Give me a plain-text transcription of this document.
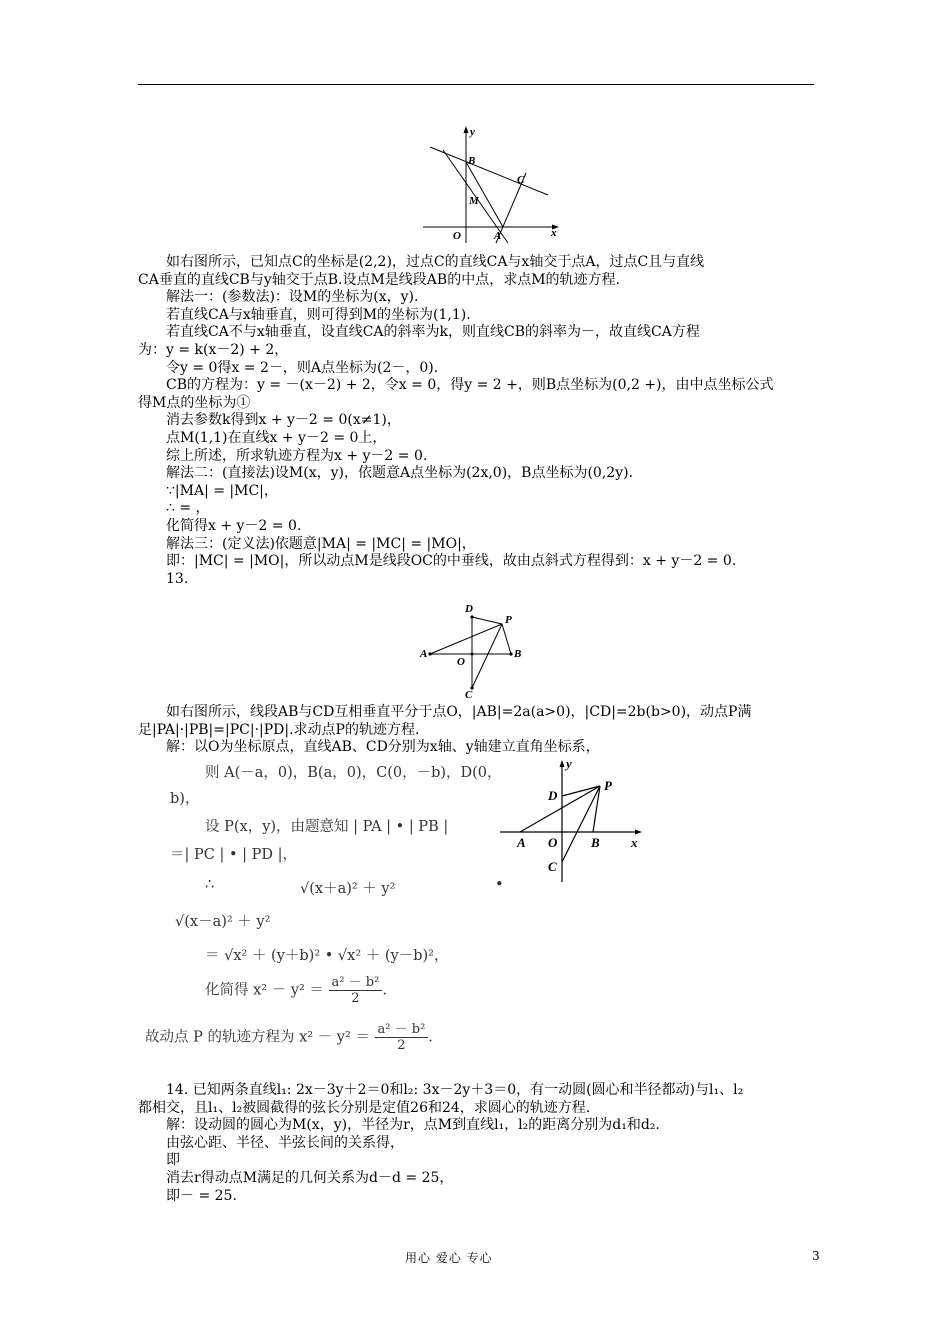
y
B
C
M
O	A	x

如右图所示，已知点C的坐标是(2,2)，过点C的直线CA与x轴交于点A，过点C且与直线

CA垂直的直线CB与y轴交于点B.设点M是线段AB的中点，求点M的轨迹方程.

解法一：(参数法)：设M的坐标为(x，y).

若直线CA与x轴垂直，则可得到M的坐标为(1,1).

若直线CA不与x轴垂直，设直线CA的斜率为k，则直线CB的斜率为－，故直线CA方程

为：y = k(x－2) + 2，

令y = 0得x = 2－，则A点坐标为(2－，0).

CB的方程为：y = －(x－2) + 2，令x = 0，得y = 2 +，则B点坐标为(0,2 +)，由中点坐标公式

得M点的坐标为①

消去参数k得到x + y－2 = 0(x≠1)，

点M(1,1)在直线x + y－2 = 0上，

综上所述，所求轨迹方程为x + y－2 = 0.

解法二：(直接法)设M(x，y)，依题意A点坐标为(2x,0)，B点坐标为(0,2y).

∵|MA| = |MC|，

∴ = ，

化简得x + y－2 = 0.

解法三：(定义法)依题意|MA| = |MC| = |MO|，

即：|MC| = |MO|，所以动点M是线段OC的中垂线，故由点斜式方程得到：x + y－2 = 0.

13.

D
P
A
O
B
C

如右图所示，线段AB与CD互相垂直平分于点O，|AB|=2a(a>0)，|CD|=2b(b>0)，动点P满

足|PA|·|PB|=|PC|·|PD|.求动点P的轨迹方程.

解：以O为坐标原点，直线AB、CD分别为x轴、y轴建立直角坐标系，

则 A(－a，0)，B(a，0)，C(0，－b)，D(0，
b)，
设 P(x，y)，由题意知 | PA | • | PB |
＝| PC | • | PD |，
∴	√(x＋a)² ＋ y²	•
√(x－a)² ＋ y²
＝ √x² ＋ (y＋b)² • √x² ＋ (y－b)²，
化简得 $x^2 - y^2 = \frac{\text{a² － b²}}{2}$ .
故动点 P 的轨迹方程为 $x^2 - y^2 = \frac{\text{a² － b²}}{2}$ .
y
P
D
A O	B x
C

14. 已知两条直线l₁: 2x－3y＋2＝0和l₂: 3x－2y＋3＝0，有一动圆(圆心和半径都动)与l₁、l₂

都相交，且l₁、l₂被圆截得的弦长分别是定值26和24，求圆心的轨迹方程.

解：设动圆的圆心为M(x，y)，半径为r，点M到直线l₁，l₂的距离分别为d₁和d₂.

由弦心距、半径、半弦长间的关系得，

即

消去r得动点M满足的几何关系为d－d = 25，

即－ = 25.

用心 爱心 专心	3
